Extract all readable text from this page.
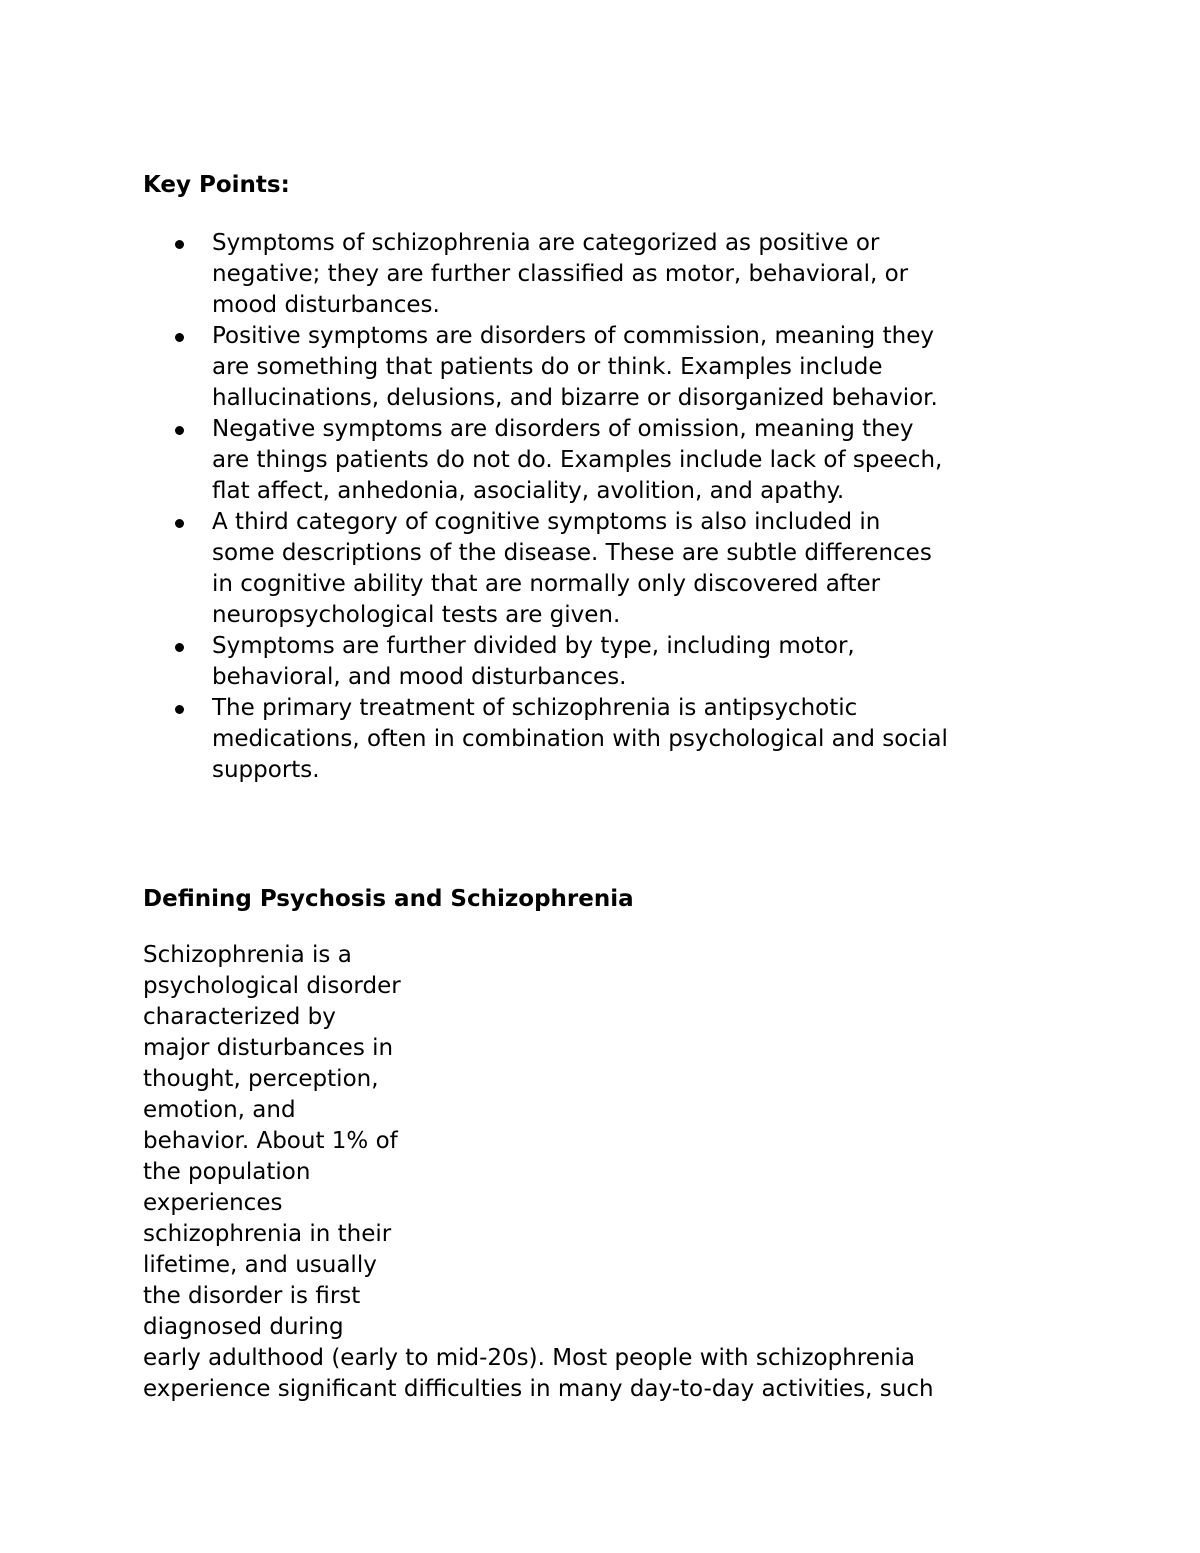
Key Points:

Symptoms of schizophrenia are categorized as positive or
negative; they are further classified as motor, behavioral, or
mood disturbances.
Positive symptoms are disorders of commission, meaning they
are something that patients do or think. Examples include
hallucinations, delusions, and bizarre or disorganized behavior.
Negative symptoms are disorders of omission, meaning they
are things patients do not do. Examples include lack of speech,
flat affect, anhedonia, asociality, avolition, and apathy.
A third category of cognitive symptoms is also included in
some descriptions of the disease. These are subtle differences
in cognitive ability that are normally only discovered after
neuropsychological tests are given.
Symptoms are further divided by type, including motor,
behavioral, and mood disturbances.
The primary treatment of schizophrenia is antipsychotic
medications, often in combination with psychological and social
supports.

Defining Psychosis and Schizophrenia

Schizophrenia is a
psychological disorder
characterized by
major disturbances in
thought, perception,
emotion, and
behavior. About 1% of
the population
experiences
schizophrenia in their
lifetime, and usually
the disorder is first
diagnosed during
early adulthood (early to mid-20s). Most people with schizophrenia
experience significant difficulties in many day-to-day activities, such
